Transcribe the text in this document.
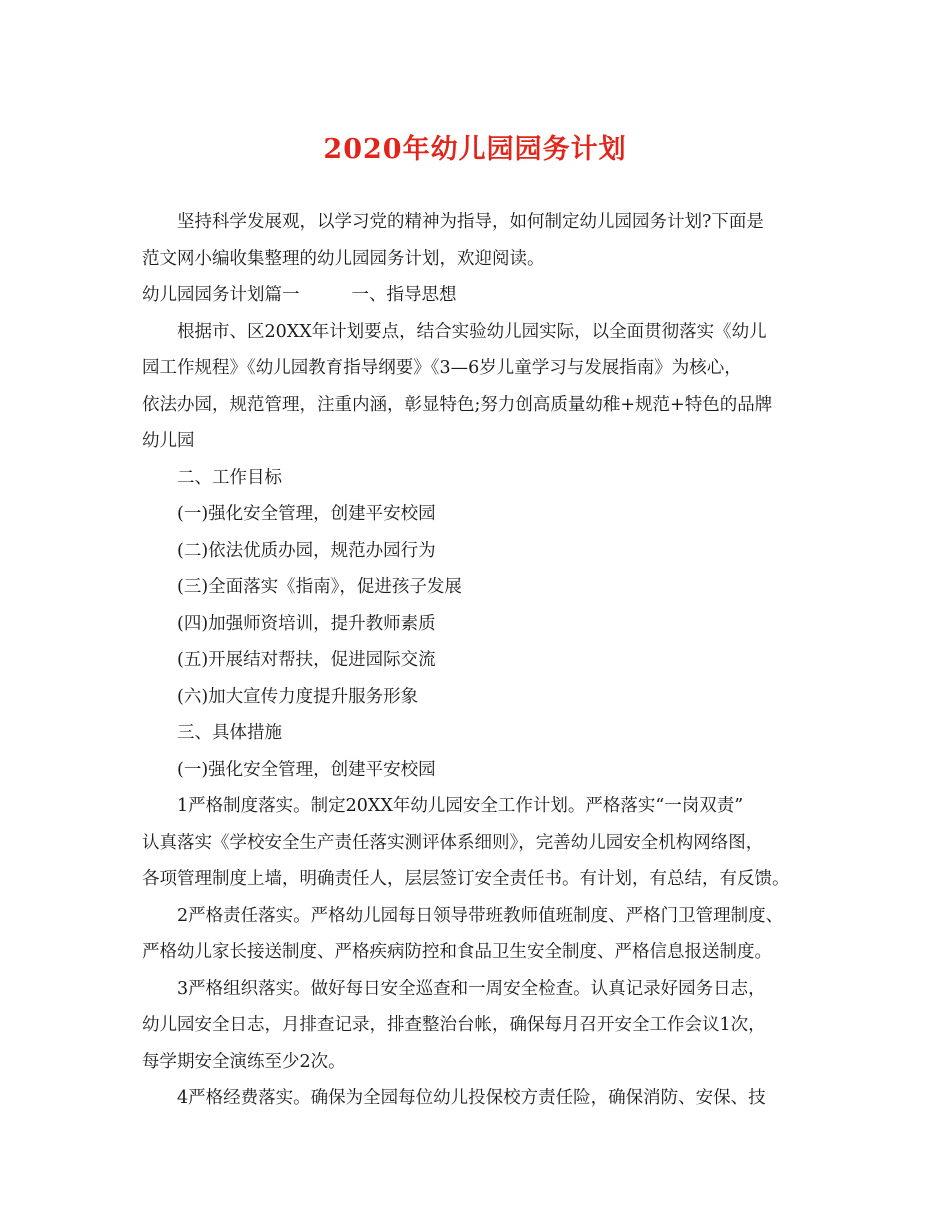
2020年幼儿园园务计划

坚持科学发展观，以学习党的精神为指导，如何制定幼儿园园务计划?下面是

范文网小编收集整理的幼儿园园务计划，欢迎阅读。

幼儿园园务计划篇一	一、指导思想

根据市、区20XX年计划要点，结合实验幼儿园实际，以全面贯彻落实《幼儿

园工作规程》《幼儿园教育指导纲要》《3—6岁儿童学习与发展指南》为核心，

依法办园，规范管理，注重内涵，彰显特色;努力创高质量幼稚+规范+特色的品牌

幼儿园

二、工作目标

(一)强化安全管理，创建平安校园

(二)依法优质办园，规范办园行为

(三)全面落实《指南》，促进孩子发展

(四)加强师资培训，提升教师素质

(五)开展结对帮扶，促进园际交流

(六)加大宣传力度提升服务形象

三、具体措施

(一)强化安全管理，创建平安校园

1严格制度落实。制定20XX年幼儿园安全工作计划。严格落实“一岗双责”

认真落实《学校安全生产责任落实测评体系细则》，完善幼儿园安全机构网络图，

各项管理制度上墙，明确责任人，层层签订安全责任书。有计划，有总结，有反馈。

2严格责任落实。严格幼儿园每日领导带班教师值班制度、严格门卫管理制度、

严格幼儿家长接送制度、严格疾病防控和食品卫生安全制度、严格信息报送制度。

3严格组织落实。做好每日安全巡查和一周安全检查。认真记录好园务日志，

幼儿园安全日志，月排查记录，排查整治台帐，确保每月召开安全工作会议1次，

每学期安全演练至少2次。

4严格经费落实。确保为全园每位幼儿投保校方责任险，确保消防、安保、技
